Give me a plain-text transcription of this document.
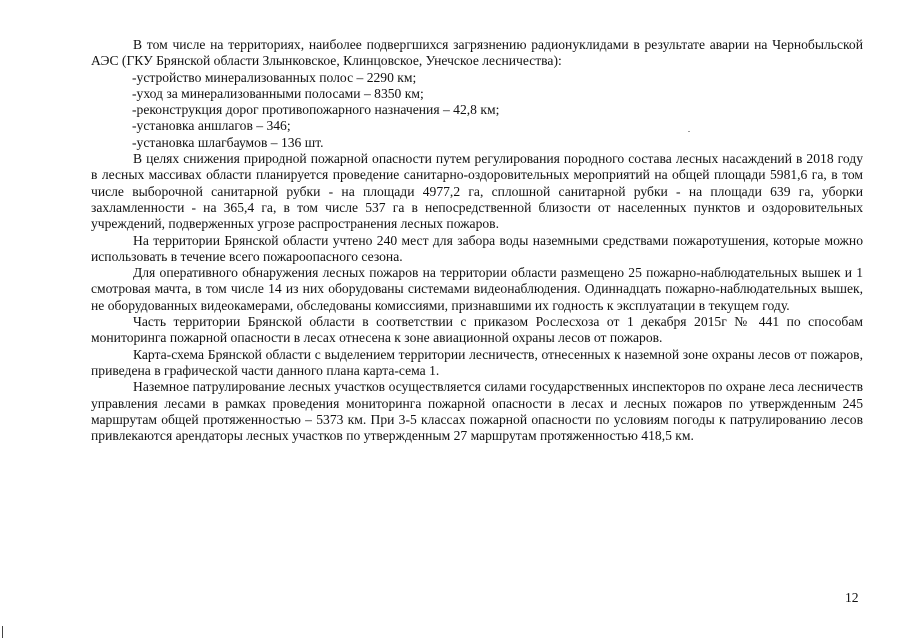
В том числе на территориях, наиболее подвергшихся загрязнению радионуклидами в результате аварии на Чернобыльской АЭС (ГКУ Брянской области Злынковское, Клинцовское, Унечское лесничества):

-устройство минерализованных полос – 2290 км;

-уход за минерализованными полосами – 8350 км;

-реконструкция дорог противопожарного назначения – 42,8 км;

-установка аншлагов – 346;

-установка шлагбаумов – 136 шт.

В целях снижения природной пожарной опасности путем регулирования породного состава лесных насаждений в 2018 году в лесных массивах области планируется проведение санитарно-оздоровительных мероприятий на общей площади 5981,6 га, в том числе выборочной санитарной рубки - на площади 4977,2 га, сплошной санитарной рубки - на площади 639 га, уборки захламленности - на 365,4 га, в том числе 537 га в непосредственной близости от населенных пунктов и оздоровительных учреждений, подверженных угрозе распространения лесных пожаров.

На территории Брянской области учтено 240 мест для забора воды наземными средствами пожаротушения, которые можно использовать в течение всего пожароопасного сезона.

Для оперативного обнаружения лесных пожаров на территории области размещено 25 пожарно-наблюдательных вышек и 1 смотровая мачта, в том числе 14 из них оборудованы системами видеонаблюдения. Одиннадцать пожарно-наблюдательных вышек, не оборудованных видеокамерами, обследованы комиссиями, признавшими их годность к эксплуатации в текущем году.

Часть территории Брянской области в соответствии с приказом Рослесхоза от 1 декабря 2015г № 441 по способам мониторинга пожарной опасности в лесах отнесена к зоне авиационной охраны лесов от пожаров.

Карта-схема Брянской области с выделением территории лесничеств, отнесенных к наземной зоне охраны лесов от пожаров, приведена в графической части данного плана карта-сема 1.

Наземное патрулирование лесных участков осуществляется силами государственных инспекторов по охране леса лесничеств управления лесами в рамках проведения мониторинга пожарной опасности в лесах и лесных пожаров по утвержденным 245 маршрутам общей протяженностью – 5373 км. При 3-5 классах пожарной опасности по условиям погоды к патрулированию лесов привлекаются арендаторы лесных участков по утвержденным 27 маршрутам протяженностью 418,5 км.

12
